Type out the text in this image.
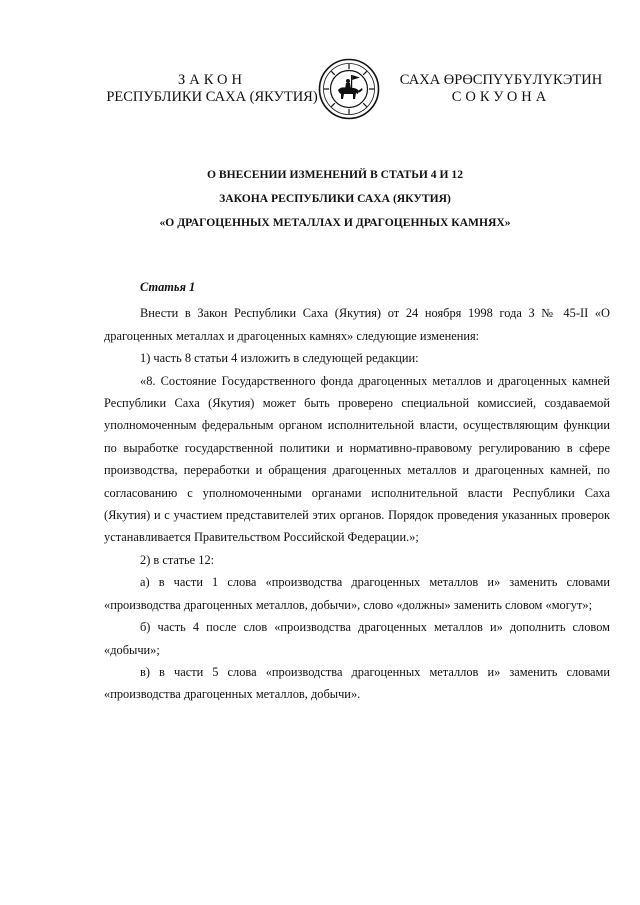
ЗАКОН
РЕСПУБЛИКИ САХА (ЯКУТИЯ)
САХА ӨРӨСПҮҮБҮЛҮКЭТИН
СОКУОНА
О ВНЕСЕНИИ ИЗМЕНЕНИЙ В СТАТЬИ 4 И 12
ЗАКОНА РЕСПУБЛИКИ САХА (ЯКУТИЯ)
«О ДРАГОЦЕННЫХ МЕТАЛЛАХ И ДРАГОЦЕННЫХ КАМНЯХ»

Статья 1

Внести в Закон Республики Саха (Якутия) от 24 ноября 1998 года З № 45-II «О драгоценных металлах и драгоценных камнях» следующие изменения:

1) часть 8 статьи 4 изложить в следующей редакции:

«8. Состояние Государственного фонда драгоценных металлов и драгоценных камней Республики Саха (Якутия) может быть проверено специальной комиссией, создаваемой уполномоченным федеральным органом исполнительной власти, осуществляющим функции по выработке государственной политики и нормативно-правовому регулированию в сфере производства, переработки и обращения драгоценных металлов и драгоценных камней, по согласованию с уполномоченными органами исполнительной власти Республики Саха (Якутия) и с участием представителей этих органов. Порядок проведения указанных проверок устанавливается Правительством Российской Федерации.»;

2) в статье 12:

а) в части 1 слова «производства драгоценных металлов и» заменить словами «производства драгоценных металлов, добычи», слово «должны» заменить словом «могут»;

б) часть 4 после слов «производства драгоценных металлов и» дополнить словом «добычи»;

в) в части 5 слова «производства драгоценных металлов и» заменить словами «производства драгоценных металлов, добычи».
